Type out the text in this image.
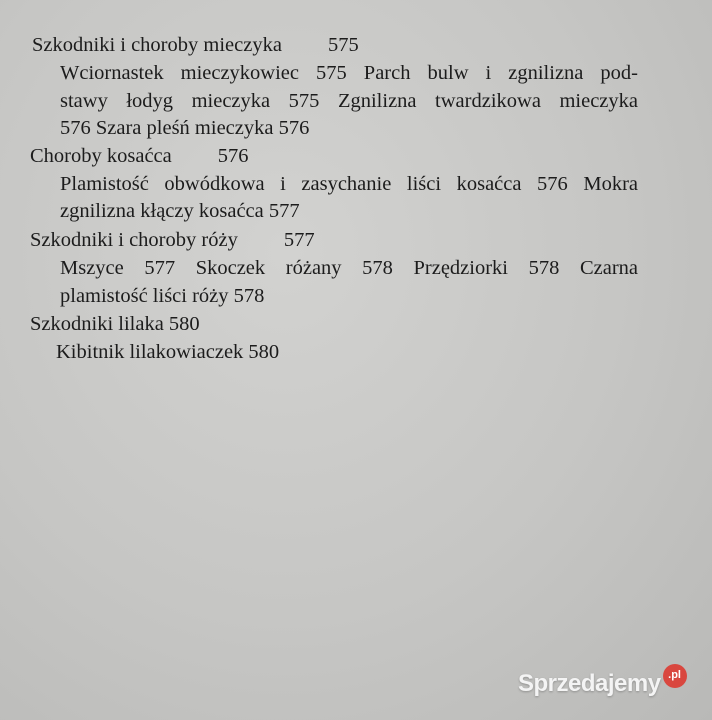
Szkodniki i choroby mieczyka 575
Wciornastek mieczykowiec 575 Parch bulw i zgnilizna pod-
stawy łodyg mieczyka 575 Zgnilizna twardzikowa mieczyka
576 Szara pleśń mieczyka 576
Choroby kosaćca 576
Plamistość obwódkowa i zasychanie liści kosaćca 576 Mokra
zgnilizna kłączy kosaćca 577
Szkodniki i choroby róży 577
Mszyce 577 Skoczek różany 578 Przędziorki 578 Czarna
plamistość liści róży 578
Szkodniki lilaka 580
Kibitnik lilakowiaczek 580
Sprzedajemy .pl
